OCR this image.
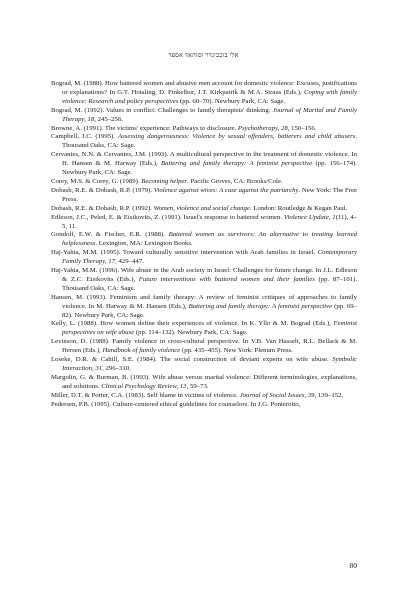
אלי בוכבינדר וסוהאד אספד

Bograd, M. (1988). How battered women and abusive men account for domestic violence: Excuses, justifications or explanations? In G.T. Hotaling, D. Finkelhor, J.T. Kirkpatrik & M.A. Straus (Eds.), Coping with family violence: Research and policy perspectives (pp. 60–70). Newbury Park, CA: Sage.

Bograd, M. (1992). Values in conflict: Challenges to family therapists' thinking. Journal of Marital and Family Therapy, 18, 245–256.

Browne, A. (1991). The victims' experience: Pathways to disclosure. Psychotherapy, 28, 150–156.

Campbell, J.C. (1995). Assessing dangerousness: Violence by sexual offenders, batterers and child abusers. Thousand Oaks, CA: Sage.

Cervantes, N.N. & Cervantes, J.M. (1993). A multicultural perspective in the treatment of domestic violence. In H. Hansen & M. Harway (Eds.), Battering and family therapy: A feminist perspective (pp. 156–174). Newbury Park, CA: Sage.

Corey, M.S. & Corey, G. (1989). Becoming helper. Pacific Groves, CA: Brooks/Cole.

Dobash, R.E. & Dobash, R.P. (1979). Violence against wives: A case against the patriarchy. New York: The Free Press.

Dobash, R.E. & Dobash, R.P. (1992). Women, violence and social change. London: Routledge & Kegan Paul.

Edleson, J.C., Peled, E. & Eisikovits, Z. (1991). Israel's response to battered women. Violence Update, 1(11), 4–5, 11.

Gondolf, E.W. & Fischer, E.R. (1988). Battered women as survivors: An alternative to treating learned helplessness. Lexington, MA: Lexington Books.

Haj-Yahia, M.M. (1995). Toward culturally sensitive intervention with Arab families in Israel. Contemporary Family Therapy, 17, 429–447.

Haj-Yahia, M.M. (1996). Wife abuse in the Arab society in Israel: Challenges for future change. In J.L. Edleson & Z.C. Eisikovits (Eds.), Future interventions with battered women and their families (pp. 87–101). Thousand Oaks, CA: Sage.

Hansen, M. (1993). Feminism and family therapy: A review of feminist critiques of approaches to family violence. In M. Harway & M. Hansen (Eds.), Battering and family therapy: A feminist perspective (pp. 69–82). Newbury Park, CA: Sage.

Kelly, L. (1988). How women define their experiences of violence. In K. Yllo & M. Bograd (Eds.), Feminist perspectives on wife abuse (pp. 114–132). Newbury Park, CA: Sage.

Levinson, D. (1988). Family violence in cross-cultural perspective. In V.B. Van Hasselt, R.L. Bellack & M. Hersen (Eds.), Handbook of family violence (pp. 435–455). New York: Plenum Press.

Loseke, D.R. & Cahill, S.E. (1984). The social construction of deviant experts on wife abuse. Symbolic Interaction, 31, 296–310.

Margolin, G. & Burman, B. (1993). Wife abuse versus marital violence: Different terminologies, explanations, and solutions. Clinical Psychology Review, 13, 59–73.

Miller, D.T. & Porter, C.A. (1983). Self blame in victims of violence. Journal of Social Issues, 39, 139–152.

Pedersen, P.B. (1995). Culture-centered ethical guidelines for counselors. In J.G. Ponterotto,

80
